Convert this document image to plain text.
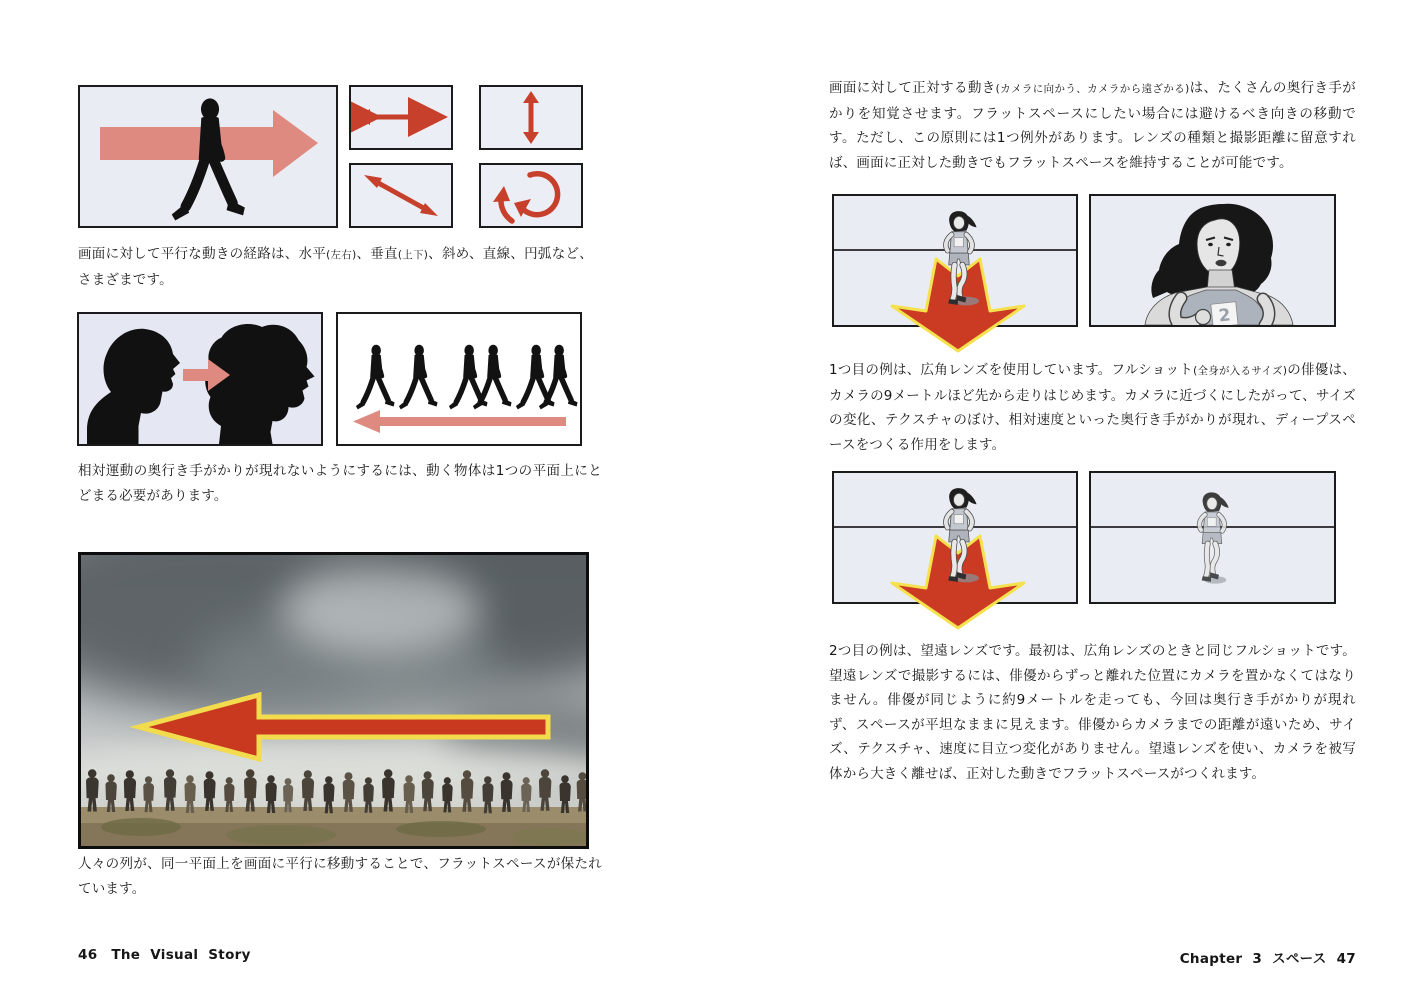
画面に対して平行な動きの経路は、水平(左右)、垂直(上下)、斜め、直線、円弧など、さまざまです。
相対運動の奥行き手がかりが現れないようにするには、動く物体は1つの平面上にとどまる必要があります。
人々の列が、同一平面上を画面に平行に移動することで、フラットスペースが保たれています。
46 The Visual Story
画面に対して正対する動き(カメラに向かう、カメラから遠ざかる)は、たくさんの奥行き手がかりを知覚させます。フラットスペースにしたい場合には避けるべき向きの移動です。ただし、この原則には1つ例外があります。レンズの種類と撮影距離に留意すれば、画面に正対した動きでもフラットスペースを維持することが可能です。
2
1つ目の例は、広角レンズを使用しています。フルショット(全身が入るサイズ)の俳優は、カメラの9メートルほど先から走りはじめます。カメラに近づくにしたがって、サイズの変化、テクスチャのぼけ、相対速度といった奥行き手がかりが現れ、ディープスペースをつくる作用をします。
2つ目の例は、望遠レンズです。最初は、広角レンズのときと同じフルショットです。望遠レンズで撮影するには、俳優からずっと離れた位置にカメラを置かなくてはなりません。俳優が同じように約9メートルを走っても、今回は奥行き手がかりが現れず、スペースが平坦なままに見えます。俳優からカメラまでの距離が遠いため、サイズ、テクスチャ、速度に目立つ変化がありません。望遠レンズを使い、カメラを被写体から大きく離せば、正対した動きでフラットスペースがつくれます。
Chapter 3 スペース 47
